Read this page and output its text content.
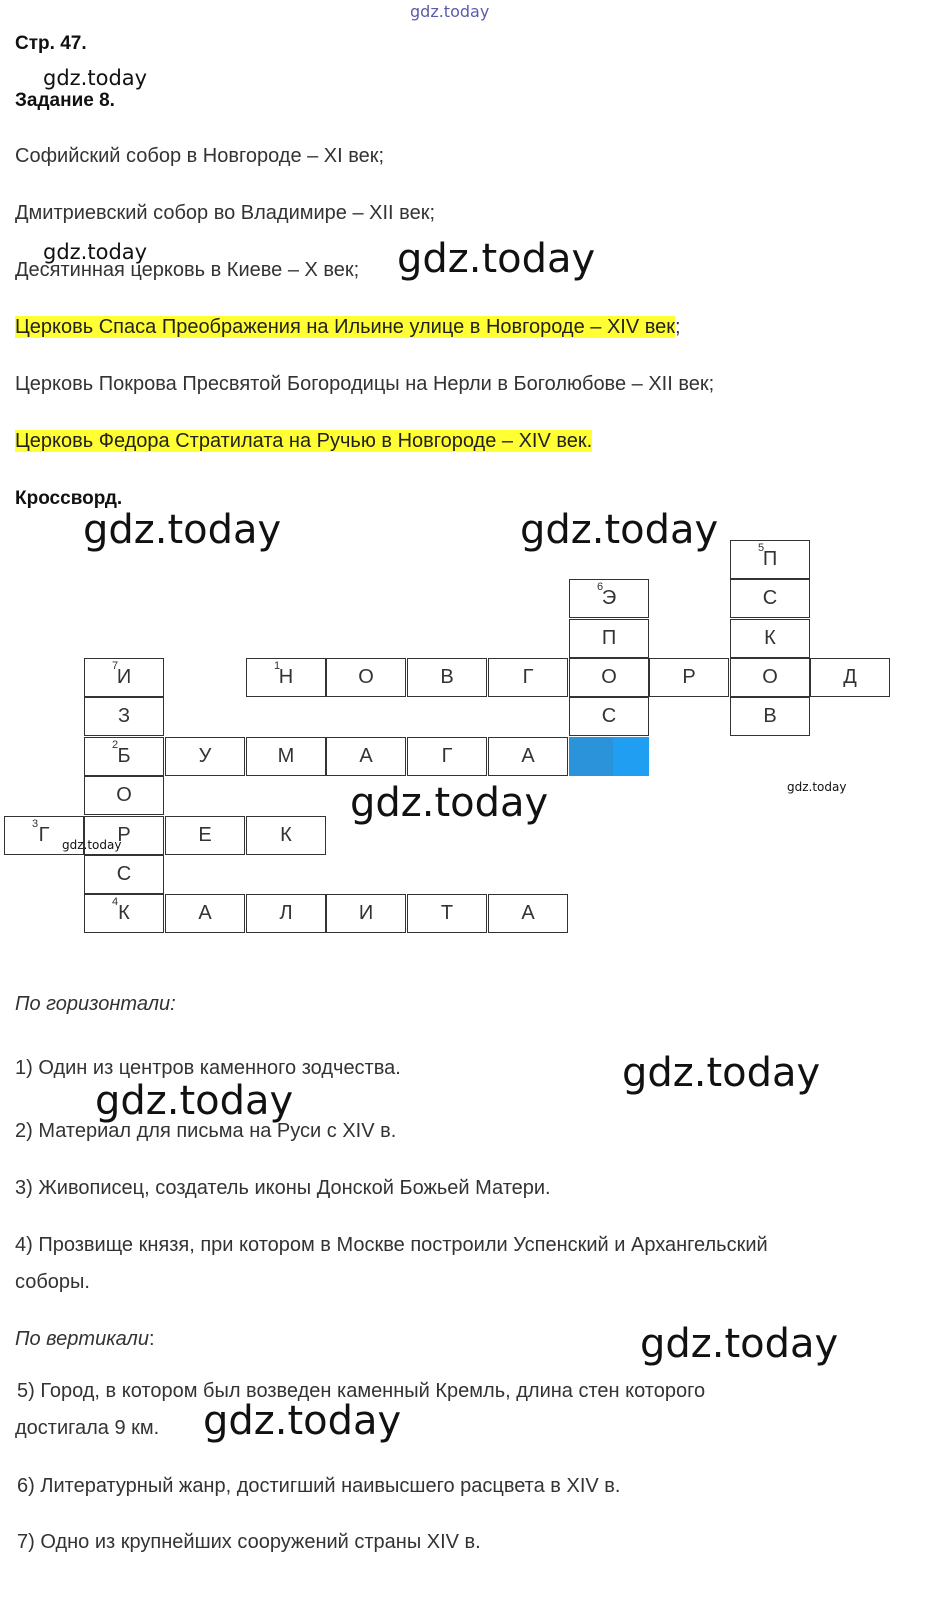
gdz.today
Стр. 47.
gdz.today
Задание 8.
Софийский собор в Новгороде – XI век;
Дмитриевский собор во Владимире – XII век;
gdz.today
Десятинная церковь в Киеве – X век; gdz.today
Церковь Спаса Преображения на Ильине улице в Новгороде – XIV век;
Церковь Покрова Пресвятой Богородицы на Нерли в Боголюбове – XII век;
Церковь Федора Стратилата на Ручью в Новгороде – XIV век.
Кроссворд.
gdz.today	gdz.today	5
П
6
Э	С
П	К
7
И	1
Н	О	В	Г	О	Р	О	Д
З	С	В
2 Б	У	М	А	Г	А
О
3 Г	Р	Е	К
С
4 К	А	Л	И	Т	А
gdz.today	gdz.today
gdz.today
По горизонтали:
1) Один из центров каменного зодчества.	gdz.today
gdz.today
2) Материал для письма на Руси с XIV в.
3) Живописец, создатель иконы Донской Божьей Матери.
4) Прозвище князя, при котором в Москве построили Успенский и Архангельский
соборы.
По вертикали:	gdz.today
5) Город, в котором был возведен каменный Кремль, длина стен которого
достигала 9 км. gdz.today
6) Литературный жанр, достигший наивысшего расцвета в XIV в.
7) Одно из крупнейших сооружений страны XIV в.
